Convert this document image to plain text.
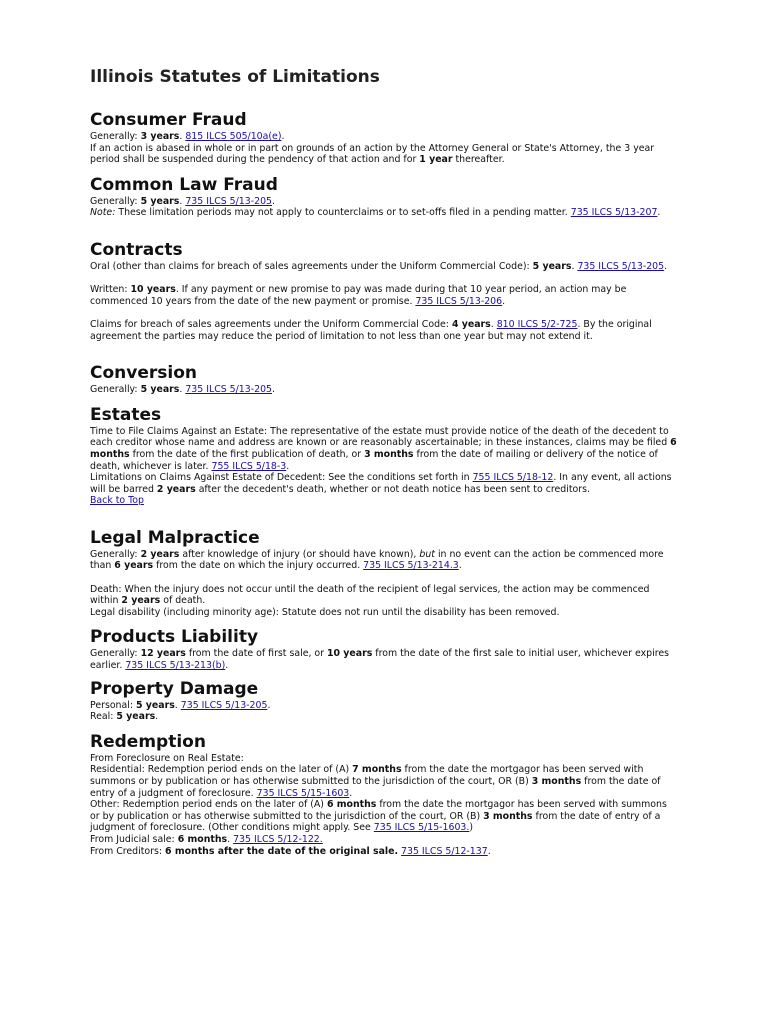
Illinois Statutes of Limitations
Consumer Fraud

Generally: 3 years. 815 ILCS 505/10a(e).

If an action is abased in whole or in part on grounds of an action by the Attorney General or State's Attorney, the 3 year period shall be suspended during the pendency of that action and for 1 year thereafter.

Common Law Fraud

Generally: 5 years. 735 ILCS 5/13-205.

Note: These limitation periods may not apply to counterclaims or to set-offs filed in a pending matter. 735 ILCS 5/13-207.

Contracts

Oral (other than claims for breach of sales agreements under the Uniform Commercial Code): 5 years. 735 ILCS 5/13-205.

Written: 10 years. If any payment or new promise to pay was made during that 10 year period, an action may be commenced 10 years from the date of the new payment or promise. 735 ILCS 5/13-206.

Claims for breach of sales agreements under the Uniform Commercial Code: 4 years. 810 ILCS 5/2-725. By the original agreement the parties may reduce the period of limitation to not less than one year but may not extend it.

Conversion

Generally: 5 years. 735 ILCS 5/13-205.

Estates

Time to File Claims Against an Estate: The representative of the estate must provide notice of the death of the decedent to each creditor whose name and address are known or are reasonably ascertainable; in these instances, claims may be filed 6 months from the date of the first publication of death, or 3 months from the date of mailing or delivery of the notice of death, whichever is later. 755 ILCS 5/18-3.

Limitations on Claims Against Estate of Decedent: See the conditions set forth in 755 ILCS 5/18-12. In any event, all actions will be barred 2 years after the decedent's death, whether or not death notice has been sent to creditors.

Back to Top

Legal Malpractice

Generally: 2 years after knowledge of injury (or should have known), but in no event can the action be commenced more than 6 years from the date on which the injury occurred. 735 ILCS 5/13-214.3.

Death: When the injury does not occur until the death of the recipient of legal services, the action may be commenced within 2 years of death.

Legal disability (including minority age): Statute does not run until the disability has been removed.

Products Liability

Generally: 12 years from the date of first sale, or 10 years from the date of the first sale to initial user, whichever expires earlier. 735 ILCS 5/13-213(b).

Property Damage

Personal: 5 years. 735 ILCS 5/13-205.

Real: 5 years.

Redemption

From Foreclosure on Real Estate:

Residential: Redemption period ends on the later of (A) 7 months from the date the mortgagor has been served with summons or by publication or has otherwise submitted to the jurisdiction of the court, OR (B) 3 months from the date of entry of a judgment of foreclosure. 735 ILCS 5/15-1603.

Other: Redemption period ends on the later of (A) 6 months from the date the mortgagor has been served with summons or by publication or has otherwise submitted to the jurisdiction of the court, OR (B) 3 months from the date of entry of a judgment of foreclosure. (Other conditions might apply. See 735 ILCS 5/15-1603.)

From Judicial sale: 6 months. 735 ILCS 5/12-122.

From Creditors: 6 months after the date of the original sale. 735 ILCS 5/12-137.
